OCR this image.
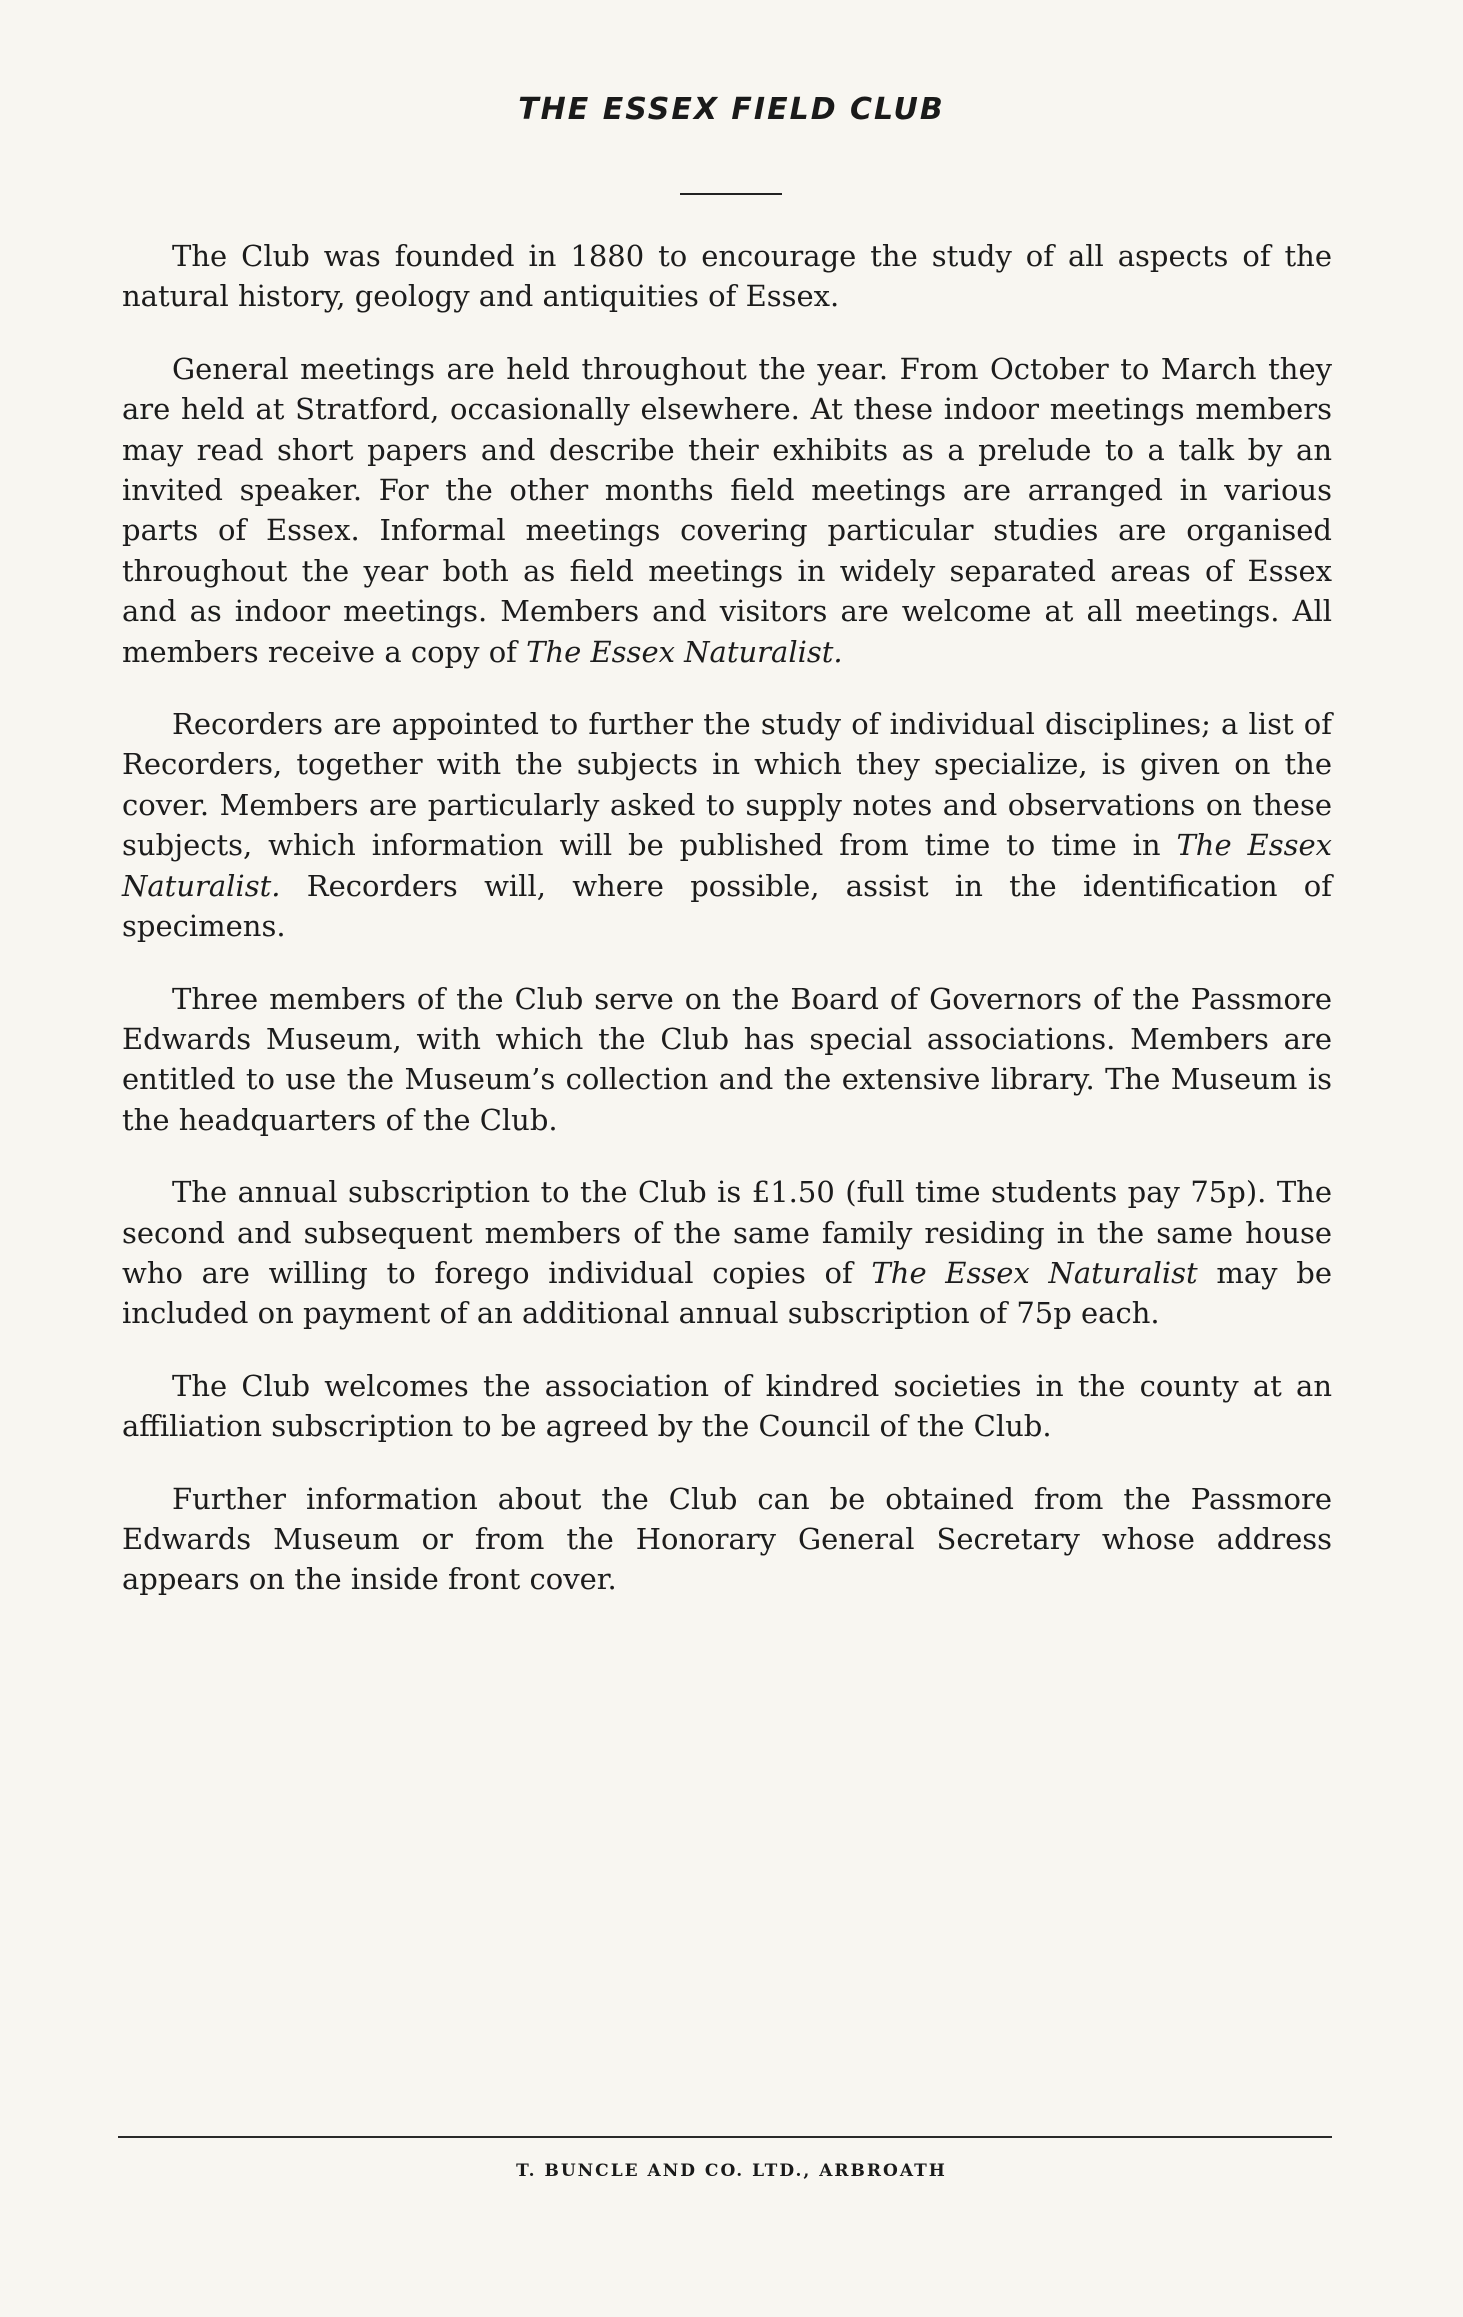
THE ESSEX FIELD CLUB

The Club was founded in 1880 to encourage the study of all aspects of the natural history, geology and antiquities of Essex.

General meetings are held throughout the year. From October to March they are held at Stratford, occasionally elsewhere. At these indoor meetings members may read short papers and describe their exhibits as a prelude to a talk by an invited speaker. For the other months field meetings are arranged in various parts of Essex. Informal meetings covering particular studies are organised throughout the year both as field meetings in widely separated areas of Essex and as indoor meetings. Members and visitors are welcome at all meetings. All members receive a copy of The Essex Naturalist.

Recorders are appointed to further the study of individual disciplines; a list of Recorders, together with the subjects in which they specialize, is given on the cover. Members are particularly asked to supply notes and observations on these subjects, which information will be published from time to time in The Essex Naturalist. Recorders will, where possible, assist in the identification of specimens.

Three members of the Club serve on the Board of Governors of the Passmore Edwards Museum, with which the Club has special associations. Members are entitled to use the Museum’s collection and the extensive library. The Museum is the headquarters of the Club.

The annual subscription to the Club is £1.50 (full time students pay 75p). The second and subsequent members of the same family residing in the same house who are willing to forego individual copies of The Essex Naturalist may be included on payment of an additional annual subscription of 75p each.

The Club welcomes the association of kindred societies in the county at an affiliation subscription to be agreed by the Council of the Club.

Further information about the Club can be obtained from the Passmore Edwards Museum or from the Honorary General Secretary whose address appears on the inside front cover.

T. BUNCLE AND CO. LTD., ARBROATH
